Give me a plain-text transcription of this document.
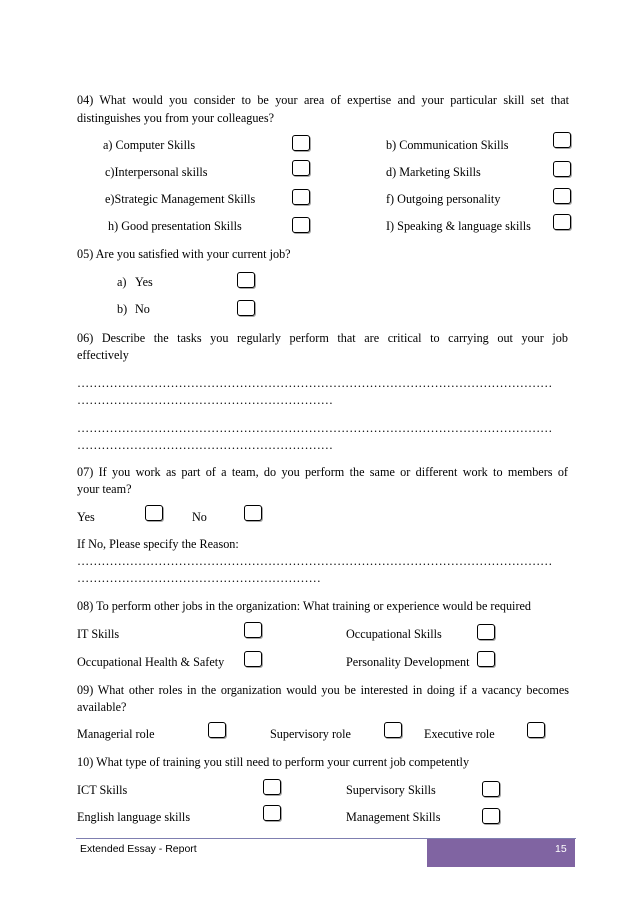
04) What would you consider to be your area of expertise and your particular skill set that
distinguishes you from your colleagues?
a) Computer Skills	b) Communication Skills
c)Interpersonal skills	d) Marketing Skills
e)Strategic Management Skills	f) Outgoing personality
h) Good presentation Skills	I) Speaking & language skills
05) Are you satisfied with your current job?
a) Yes
b) No
06) Describe the tasks you regularly perform that are critical to carrying out your job
effectively
………………………………………………………………………………………………………
………………………………………………………
………………………………………………………………………………………………………
………………………………………………………
07) If you work as part of a team, do you perform the same or different work to members of
your team?
Yes	No
If No, Please specify the Reason:
………………………………………………………………………………………………………
……………………………………………………
08) To perform other jobs in the organization: What training or experience would be required
IT Skills	Occupational Skills
Occupational Health & Safety	Personality Development
09) What other roles in the organization would you be interested in doing if a vacancy becomes
available?
Managerial role	Supervisory role	Executive role
10) What type of training you still need to perform your current job competently
ICT Skills	Supervisory Skills
English language skills	Management Skills
Extended Essay - Report	15
